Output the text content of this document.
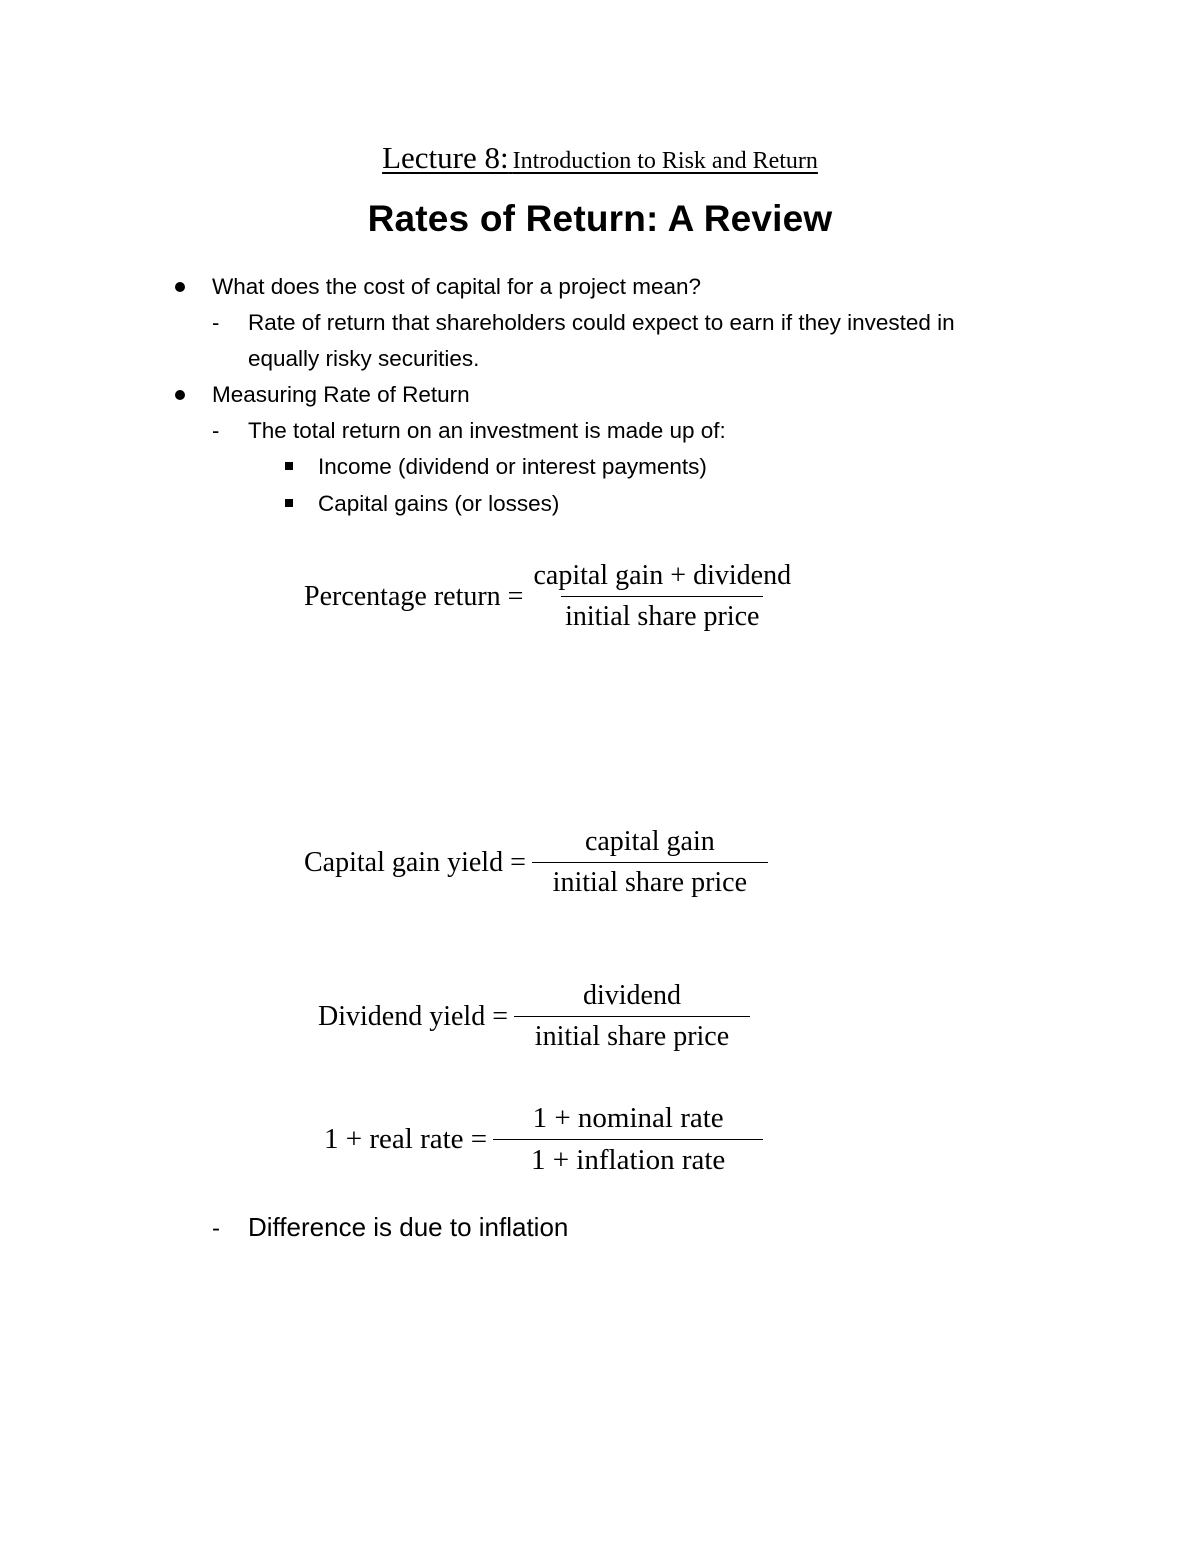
Lecture 8: Introduction to Risk and Return
Rates of Return: A Review
What does the cost of capital for a project mean?
- Rate of return that shareholders could expect to earn if they invested in
equally risky securities.
Measuring Rate of Return
- The total return on an investment is made up of:
Income (dividend or interest payments)
Capital gains (or losses)
Percentage return = $\frac{\text{capital gain + dividend}}{\text{initial share price}}$
Capital gain yield = $\frac{\text{capital gain}}{\text{initial share price}}$
Dividend yield = $\frac{\text{dividend}}{\text{initial share price}}$
1 + real rate = $\frac{\text{1 + nominal rate}}{\text{1 + inflation rate}}$
- Difference is due to inflation
